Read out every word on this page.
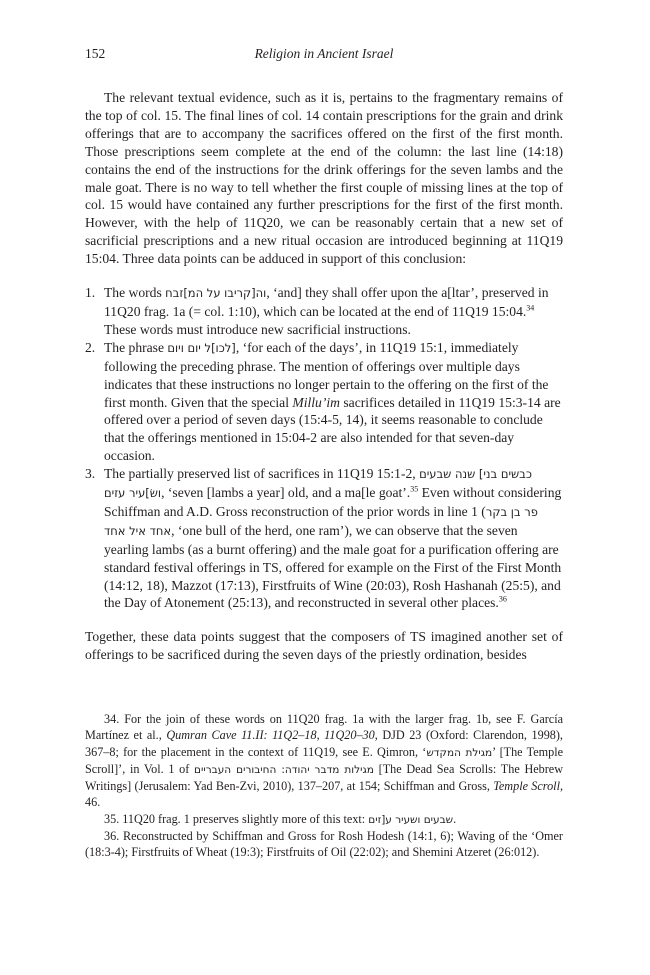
152	Religion in Ancient Israel

The relevant textual evidence, such as it is, pertains to the fragmentary remains of the top of col. 15. The final lines of col. 14 contain prescriptions for the grain and drink offerings that are to accompany the sacrifices offered on the first of the first month. Those prescriptions seem complete at the end of the column: the last line (14:18) contains the end of the instructions for the drink offerings for the seven lambs and the male goat. There is no way to tell whether the first couple of missing lines at the top of col. 15 would have contained any further prescriptions for the first of the first month. However, with the help of 11Q20, we can be reasonably certain that a new set of sacrificial prescriptions and a new ritual occasion are introduced beginning at 11Q19 15:04. Three data points can be adduced in support of this conclusion:

1. The words וה[קריבו על המ]זבח, ‘and] they shall offer upon the a[ltar’, preserved in 11Q20 frag. 1a (= col. 1:10), which can be located at the end of 11Q19 15:04.34 These words must introduce new sacrificial instructions.
2. The phrase [לכו]ל יום ויום, ‘for each of the days’, in 11Q19 15:1, immediately following the preceding phrase. The mention of offerings over multiple days indicates that these instructions no longer pertain to the offering on the first of the first month. Given that the special Millu’im sacrifices detailed in 11Q19 15:3-14 are offered over a period of seven days (15:4-5, 14), it seems reasonable to conclude that the offerings mentioned in 15:04-2 are also intended for that seven-day occasion.
3. The partially preserved list of sacrifices in 11Q19 15:1-2, כבשים בני] שנה שבעים ושׂ]עיר עזים, ‘seven [lambs a year] old, and a ma[le goat’.$^{35}$ Even without considering Schiffman and A.D. Gross reconstruction of the prior words in line 1 (פר בן בקר אחד איל אחד, ‘one bull of the herd, one ram’), we can observe that the seven yearling lambs (as a burnt offering) and the male goat for a purification offering are standard festival offerings in TS, offered for example on the First of the First Month (14:12, 18), Mazzot (17:13), Firstfruits of Wine (20:03), Rosh Hashanah (25:5), and the Day of Atonement (25:13), and reconstructed in several other places.$^{36}$

Together, these data points suggest that the composers of TS imagined another set of offerings to be sacrificed during the seven days of the priestly ordination, besides

34. For the join of these words on 11Q20 frag. 1a with the larger frag. 1b, see F. García Martínez et al., Qumran Cave 11.II: 11Q2–18, 11Q20–30, DJD 23 (Oxford: Clarendon, 1998), 367–8; for the placement in the context of 11Q19, see E. Qimron, ‘מגילת המקדש’ [The Temple Scroll]’, in Vol. 1 of מגילות מדבר יהודה: החיבורים העבריים [The Dead Sea Scrolls: The Hebrew Writings] (Jerusalem: Yad Ben-Zvi, 2010), 137–207, at 154; Schiffman and Gross, Temple Scroll, 46.

35. 11Q20 frag. 1 preserves slightly more of this text: שבעים ושעיר ע[זים.

36. Reconstructed by Schiffman and Gross for Rosh Hodesh (14:1, 6); Waving of the ‘Omer (18:3-4); Firstfruits of Wheat (19:3); Firstfruits of Oil (22:02); and Shemini Atzeret (26:012).
